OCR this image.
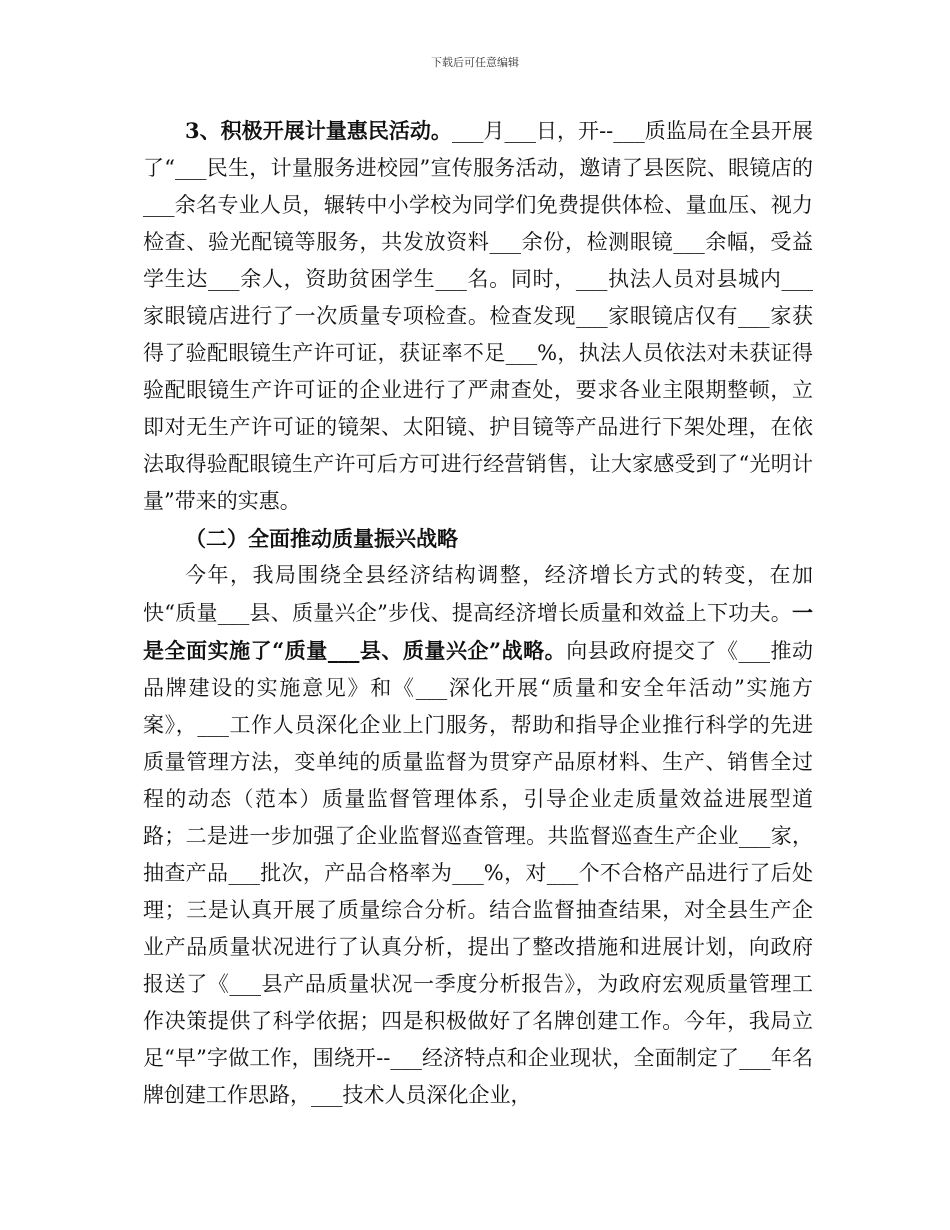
下载后可任意编辑

3、积极开展计量惠民活动。___月___日，开--___质监局在全县开展了“___民生，计量服务进校园”宣传服务活动，邀请了县医院、眼镜店的___余名专业人员，辗转中小学校为同学们免费提供体检、量血压、视力检查、验光配镜等服务，共发放资料___余份，检测眼镜___余幅，受益学生达___余人，资助贫困学生___名。同时，___执法人员对县城内___家眼镜店进行了一次质量专项检查。检查发现___家眼镜店仅有___家获得了验配眼镜生产许可证，获证率不足___%，执法人员依法对未获证得验配眼镜生产许可证的企业进行了严肃查处，要求各业主限期整顿，立即对无生产许可证的镜架、太阳镜、护目镜等产品进行下架处理，在依法取得验配眼镜生产许可后方可进行经营销售，让大家感受到了“光明计量”带来的实惠。

（二）全面推动质量振兴战略

今年，我局围绕全县经济结构调整，经济增长方式的转变，在加快“质量___县、质量兴企”步伐、提高经济增长质量和效益上下功夫。一是全面实施了“质量___县、质量兴企”战略。向县政府提交了《___推动品牌建设的实施意见》和《___深化开展“质量和安全年活动”实施方案》，___工作人员深化企业上门服务，帮助和指导企业推行科学的先进质量管理方法，变单纯的质量监督为贯穿产品原材料、生产、销售全过程的动态（范本）质量监督管理体系，引导企业走质量效益进展型道路；二是进一步加强了企业监督巡查管理。共监督巡查生产企业___家，抽查产品___批次，产品合格率为___%，对___个不合格产品进行了后处理；三是认真开展了质量综合分析。结合监督抽查结果，对全县生产企业产品质量状况进行了认真分析，提出了整改措施和进展计划，向政府报送了《___县产品质量状况一季度分析报告》，为政府宏观质量管理工作决策提供了科学依据；四是积极做好了名牌创建工作。今年，我局立足“早”字做工作，围绕开--___经济特点和企业现状，全面制定了___年名牌创建工作思路，___技术人员深化企业，
